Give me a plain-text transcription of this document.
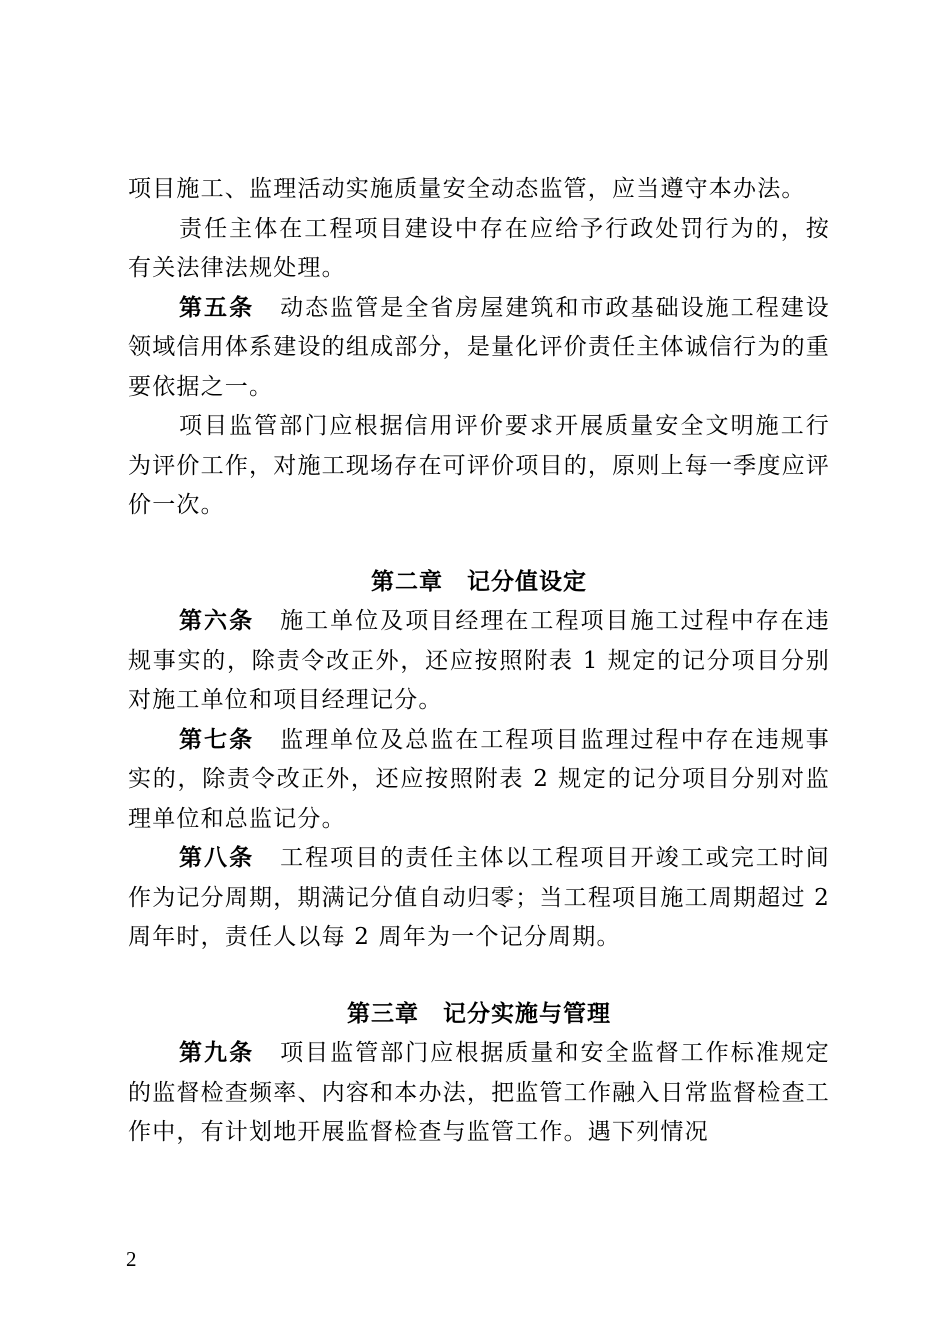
项目施工、监理活动实施质量安全动态监管，应当遵守本办法。

责任主体在工程项目建设中存在应给予行政处罚行为的，按有关法律法规处理。

第五条 动态监管是全省房屋建筑和市政基础设施工程建设领域信用体系建设的组成部分，是量化评价责任主体诚信行为的重要依据之一。

项目监管部门应根据信用评价要求开展质量安全文明施工行为评价工作，对施工现场存在可评价项目的，原则上每一季度应评价一次。

第二章 记分值设定

第六条 施工单位及项目经理在工程项目施工过程中存在违规事实的，除责令改正外，还应按照附表 1 规定的记分项目分别对施工单位和项目经理记分。

第七条 监理单位及总监在工程项目监理过程中存在违规事实的，除责令改正外，还应按照附表 2 规定的记分项目分别对监理单位和总监记分。

第八条 工程项目的责任主体以工程项目开竣工或完工时间作为记分周期，期满记分值自动归零；当工程项目施工周期超过 2 周年时，责任人以每 2 周年为一个记分周期。

第三章 记分实施与管理

第九条 项目监管部门应根据质量和安全监督工作标准规定的监督检查频率、内容和本办法，把监管工作融入日常监督检查工作中，有计划地开展监督检查与监管工作。遇下列情况

2
